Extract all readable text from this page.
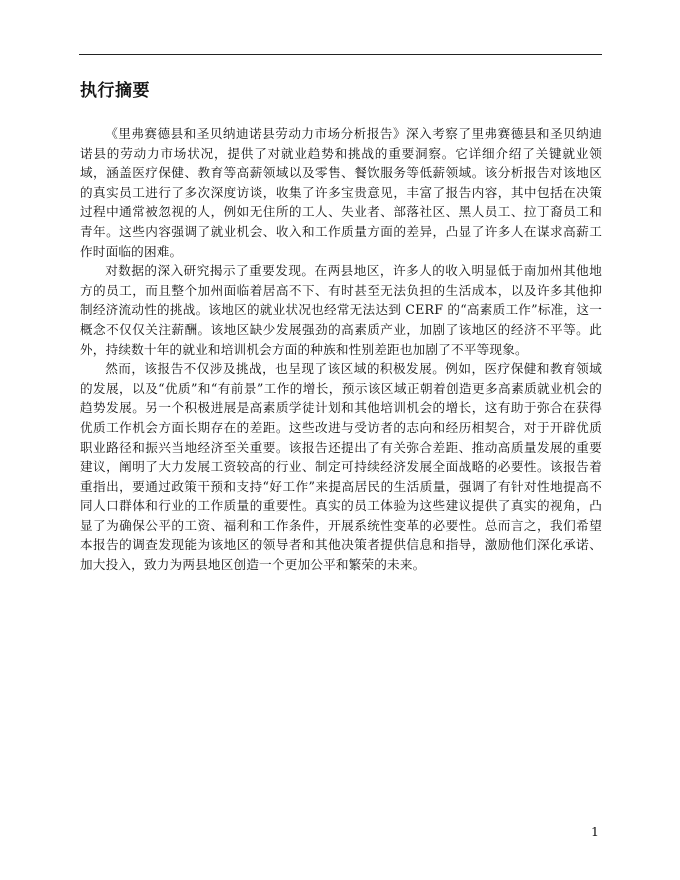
执行摘要

《里弗赛德县和圣贝纳迪诺县劳动力市场分析报告》深入考察了里弗赛德县和圣贝纳迪诺县的劳动力市场状况，提供了对就业趋势和挑战的重要洞察。它详细介绍了关键就业领域，涵盖医疗保健、教育等高薪领域以及零售、餐饮服务等低薪领域。该分析报告对该地区的真实员工进行了多次深度访谈，收集了许多宝贵意见，丰富了报告内容，其中包括在决策过程中通常被忽视的人，例如无住所的工人、失业者、部落社区、黑人员工、拉丁裔员工和青年。这些内容强调了就业机会、收入和工作质量方面的差异，凸显了许多人在谋求高薪工作时面临的困难。

对数据的深入研究揭示了重要发现。在两县地区，许多人的收入明显低于南加州其他地方的员工，而且整个加州面临着居高不下、有时甚至无法负担的生活成本，以及许多其他抑制经济流动性的挑战。该地区的就业状况也经常无法达到 CERF 的“高素质工作”标准，这一概念不仅仅关注薪酬。该地区缺少发展强劲的高素质产业，加剧了该地区的经济不平等。此外，持续数十年的就业和培训机会方面的种族和性别差距也加剧了不平等现象。

然而，该报告不仅涉及挑战，也呈现了该区域的积极发展。例如，医疗保健和教育领域的发展，以及“优质”和“有前景”工作的增长，预示该区域正朝着创造更多高素质就业机会的趋势发展。另一个积极进展是高素质学徒计划和其他培训机会的增长，这有助于弥合在获得优质工作机会方面长期存在的差距。这些改进与受访者的志向和经历相契合，对于开辟优质职业路径和振兴当地经济至关重要。该报告还提出了有关弥合差距、推动高质量发展的重要建议，阐明了大力发展工资较高的行业、制定可持续经济发展全面战略的必要性。该报告着重指出，要通过政策干预和支持“好工作”来提高居民的生活质量，强调了有针对性地提高不同人口群体和行业的工作质量的重要性。真实的员工体验为这些建议提供了真实的视角，凸显了为确保公平的工资、福利和工作条件，开展系统性变革的必要性。总而言之，我们希望本报告的调查发现能为该地区的领导者和其他决策者提供信息和指导，激励他们深化承诺、加大投入，致力为两县地区创造一个更加公平和繁荣的未来。

1
